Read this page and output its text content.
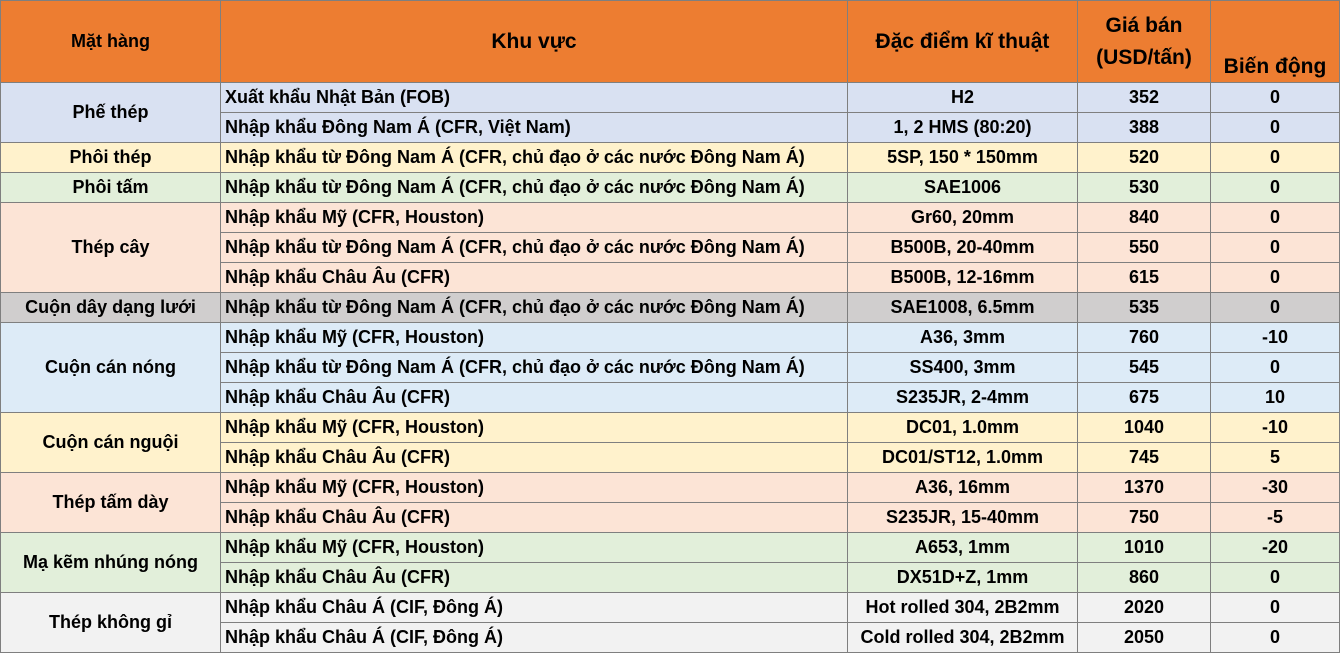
Mặt hàng	Khu vực	Đặc điểm kĩ thuật	Giá bán (USD/tấn)	Biến động
Phế thép	Xuất khẩu Nhật Bản (FOB)	H2	352	0
	Nhập khẩu Đông Nam Á (CFR, Việt Nam)	1, 2 HMS (80:20)	388	0
Phôi thép	Nhập khẩu từ Đông Nam Á (CFR, chủ đạo ở các nước Đông Nam Á)	5SP, 150 * 150mm	520	0
Phôi tấm	Nhập khẩu từ Đông Nam Á (CFR, chủ đạo ở các nước Đông Nam Á)	SAE1006	530	0
Thép cây	Nhập khẩu Mỹ (CFR, Houston)	Gr60, 20mm	840	0
	Nhập khẩu từ Đông Nam Á (CFR, chủ đạo ở các nước Đông Nam Á)	B500B, 20-40mm	550	0
	Nhập khẩu Châu Âu (CFR)	B500B, 12-16mm	615	0
Cuộn dây dạng lưới	Nhập khẩu từ Đông Nam Á (CFR, chủ đạo ở các nước Đông Nam Á)	SAE1008, 6.5mm	535	0
Cuộn cán nóng	Nhập khẩu Mỹ (CFR, Houston)	A36, 3mm	760	-10
	Nhập khẩu từ Đông Nam Á (CFR, chủ đạo ở các nước Đông Nam Á)	SS400, 3mm	545	0
	Nhập khẩu Châu Âu (CFR)	S235JR, 2-4mm	675	10
Cuộn cán nguội	Nhập khẩu Mỹ (CFR, Houston)	DC01, 1.0mm	1040	-10
	Nhập khẩu Châu Âu (CFR)	DC01/ST12, 1.0mm	745	5
Thép tấm dày	Nhập khẩu Mỹ (CFR, Houston)	A36, 16mm	1370	-30
	Nhập khẩu Châu Âu (CFR)	S235JR, 15-40mm	750	-5
Mạ kẽm nhúng nóng	Nhập khẩu Mỹ (CFR, Houston)	A653, 1mm	1010	-20
	Nhập khẩu Châu Âu (CFR)	DX51D+Z, 1mm	860	0
Thép không gỉ	Nhập khẩu Châu Á (CIF, Đông Á)	Hot rolled 304, 2B2mm	2020	0
	Nhập khẩu Châu Á (CIF, Đông Á)	Cold rolled 304, 2B2mm	2050	0
